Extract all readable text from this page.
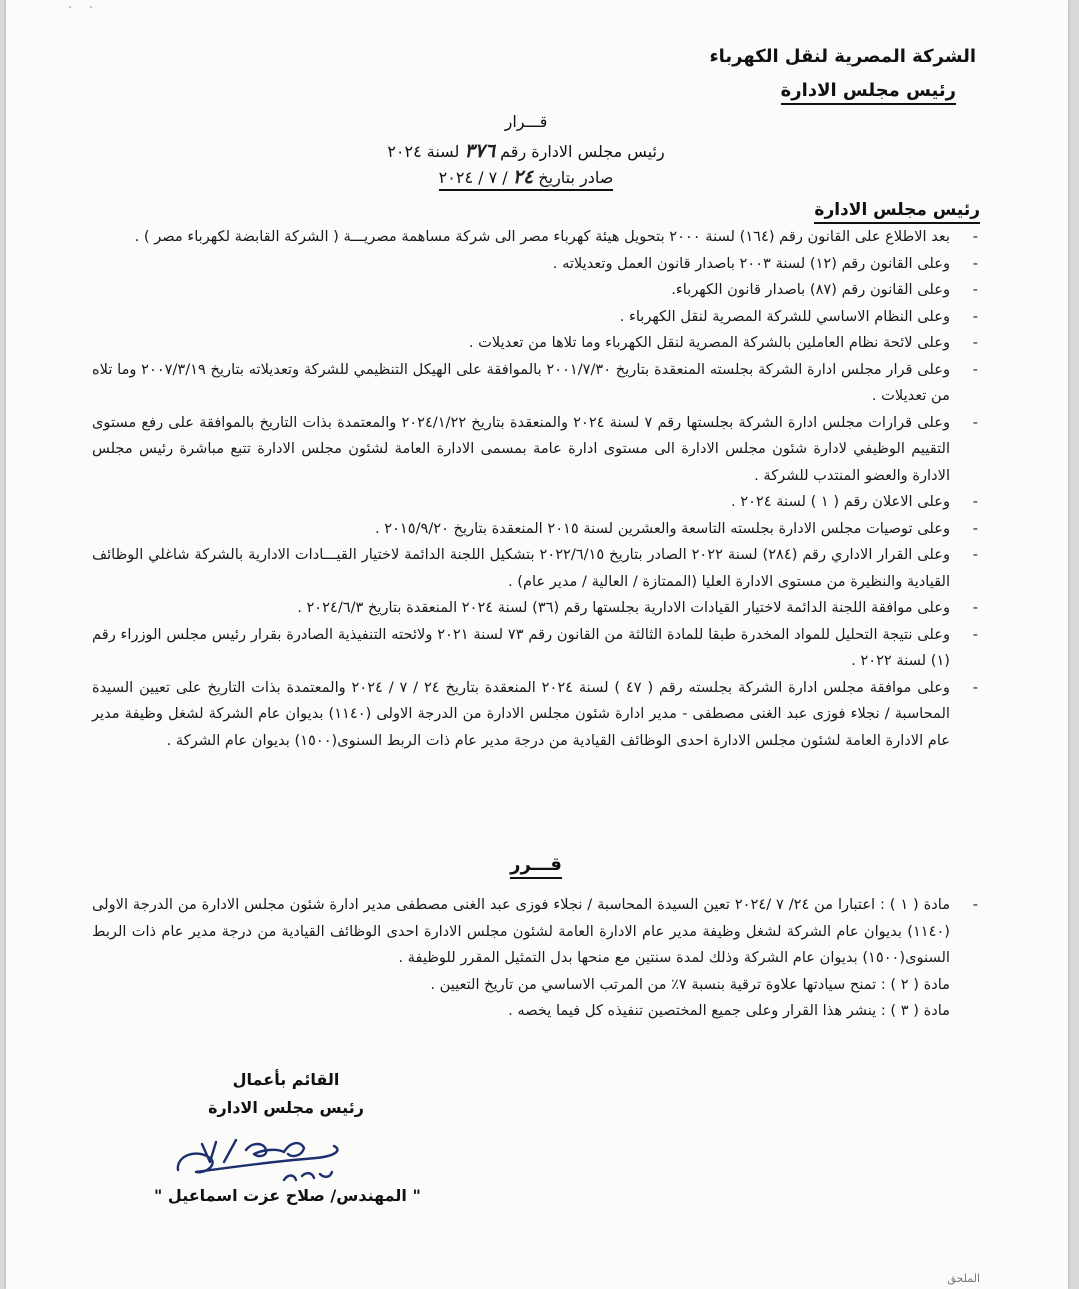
· ·
الشركة المصرية لنقل الكهرباء
رئيس مجلس الادارة
قـــرار
رئيس مجلس الادارة رقم ٣٧٦ لسنة ٢٠٢٤
صادر بتاريخ ٢٤ / ٧ / ٢٠٢٤
رئيس مجلس الادارة
- بعد الاطلاع على القانون رقم (١٦٤) لسنة ٢٠٠٠ بتحويل هيئة كهرباء مصر الى شركة مساهمة مصريـــة ( الشركة القابضة لكهرباء مصر ) .
- وعلى القانون رقم (١٢) لسنة ٢٠٠٣ باصدار قانون العمل وتعديلاته .
- وعلى القانون رقم (٨٧) باصدار قانون الكهرباء.
- وعلى النظام الاساسي للشركة المصرية لنقل الكهرباء .
- وعلى لائحة نظام العاملين بالشركة المصرية لنقل الكهرباء وما تلاها من تعديلات .
- وعلى قرار مجلس ادارة الشركة بجلسته المنعقدة بتاريخ ٢٠٠١/٧/٣٠ بالموافقة على الهيكل التنظيمي للشركة وتعديلاته بتاريخ ٢٠٠٧/٣/١٩ وما تلاه من تعديلات .
- وعلى قرارات مجلس ادارة الشركة بجلستها رقم ٧ لسنة ٢٠٢٤ والمنعقدة بتاريخ ٢٠٢٤/١/٢٢ والمعتمدة بذات التاريخ بالموافقة على رفع مستوى التقييم الوظيفي لادارة شئون مجلس الادارة الى مستوى ادارة عامة بمسمى الادارة العامة لشئون مجلس الادارة تتبع مباشرة رئيس مجلس الادارة والعضو المنتدب للشركة .
- وعلى الاعلان رقم ( ١ ) لسنة ٢٠٢٤ .
- وعلى توصيات مجلس الادارة بجلسته التاسعة والعشرين لسنة ٢٠١٥ المنعقدة بتاريخ ٢٠١٥/٩/٢٠ .
- وعلى القرار الاداري رقم (٢٨٤) لسنة ٢٠٢٢ الصادر بتاريخ ٢٠٢٢/٦/١٥ بتشكيل اللجنة الدائمة لاختيار القيـــادات الادارية بالشركة شاغلي الوظائف القيادية والنظيرة من مستوى الادارة العليا (الممتازة / العالية / مدير عام) .
- وعلى موافقة اللجنة الدائمة لاختيار القيادات الادارية بجلستها رقم (٣٦) لسنة ٢٠٢٤ المنعقدة بتاريخ ٢٠٢٤/٦/٣ .
- وعلى نتيجة التحليل للمواد المخدرة طبقا للمادة الثالثة من القانون رقم ٧٣ لسنة ٢٠٢١ ولائحته التنفيذية الصادرة بقرار رئيس مجلس الوزراء رقم (١) لسنة ٢٠٢٢ .
- وعلى موافقة مجلس ادارة الشركة بجلسته رقم ( ٤٧ ) لسنة ٢٠٢٤ المنعقدة بتاريخ ٢٤ / ٧ / ٢٠٢٤ والمعتمدة بذات التاريخ على تعيين السيدة المحاسبة / نجلاء فوزى عبد الغنى مصطفى - مدير ادارة شئون مجلس الادارة من الدرجة الاولى (١١٤٠) بديوان عام الشركة لشغل وظيفة مدير عام الادارة العامة لشئون مجلس الادارة احدى الوظائف القيادية من درجة مدير عام ذات الربط السنوى(١٥٠٠) بديوان عام الشركة .
قـــرر

- مادة ( ١ ) : اعتبارا من ٢٤/ ٧ /٢٠٢٤ تعين السيدة المحاسبة / نجلاء فوزى عبد الغنى مصطفى مدير ادارة شئون مجلس الادارة من الدرجة الاولى (١١٤٠) بديوان عام الشركة لشغل وظيفة مدير عام الادارة العامة لشئون مجلس الادارة احدى الوظائف القيادية من درجة مدير عام ذات الربط السنوى(١٥٠٠) بديوان عام الشركة وذلك لمدة سنتين مع منحها بدل التمثيل المقرر للوظيفة .

مادة ( ٢ ) : تمنح سيادتها علاوة ترقية بنسبة ٧٪ من المرتب الاساسي من تاريخ التعيين .

مادة ( ٣ ) : ينشر هذا القرار وعلى جميع المختصين تنفيذه كل فيما يخصه .

القائم بأعمال
رئيس مجلس الادارة
" المهندس/ صلاح عزت اسماعيل "
الملحق
